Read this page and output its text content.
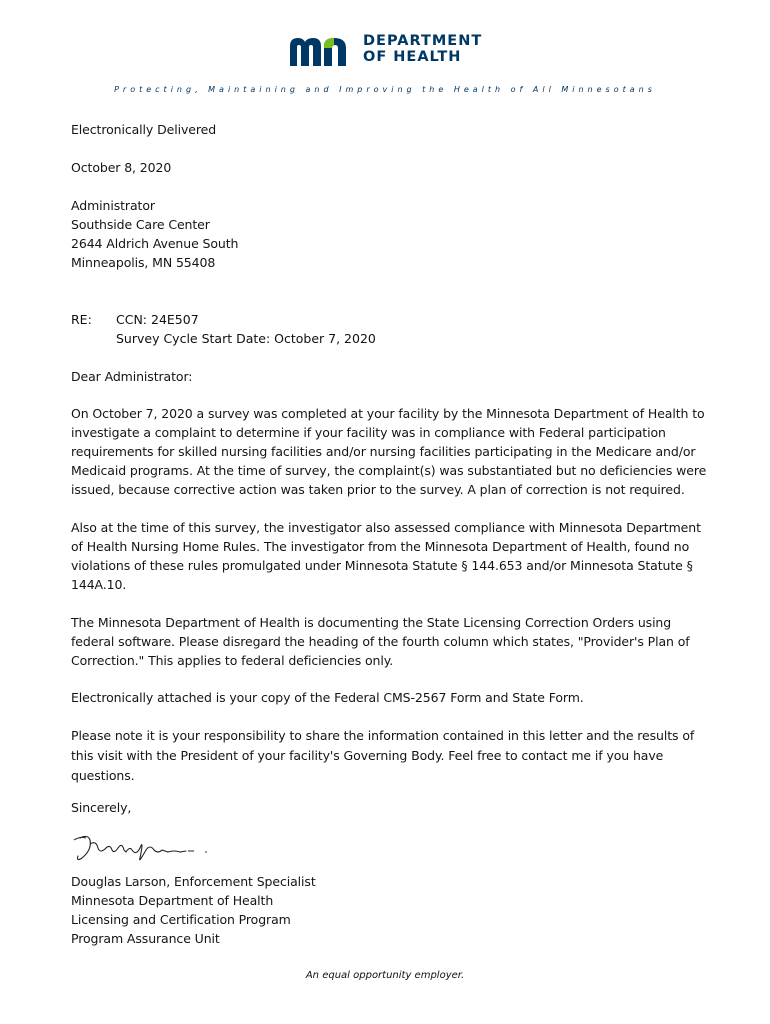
DEPARTMENT
OF HEALTH
Protecting, Maintaining and Improving the Health of All Minnesotans
Electronically Delivered
October 8, 2020
Administrator
Southside Care Center
2644 Aldrich Avenue South
Minneapolis, MN 55408
RE: CCN: 24E507
Survey Cycle Start Date: October 7, 2020
Dear Administrator:
On October 7, 2020 a survey was completed at your facility by the Minnesota Department of Health to
investigate a complaint to determine if your facility was in compliance with Federal participation
requirements for skilled nursing facilities and/or nursing facilities participating in the Medicare and/or
Medicaid programs. At the time of survey, the complaint(s) was substantiated but no deficiencies were
issued, because corrective action was taken prior to the survey. A plan of correction is not required.
Also at the time of this survey, the investigator also assessed compliance with Minnesota Department
of Health Nursing Home Rules. The investigator from the Minnesota Department of Health, found no
violations of these rules promulgated under Minnesota Statute § 144.653 and/or Minnesota Statute §
144A.10.
The Minnesota Department of Health is documenting the State Licensing Correction Orders using
federal software. Please disregard the heading of the fourth column which states, "Provider's Plan of
Correction." This applies to federal deficiencies only.
Electronically attached is your copy of the Federal CMS-2567 Form and State Form.
Please note it is your responsibility to share the information contained in this letter and the results of
this visit with the President of your facility's Governing Body. Feel free to contact me if you have
questions.
Sincerely,
Douglas Larson, Enforcement Specialist
Minnesota Department of Health
Licensing and Certification Program
Program Assurance Unit
An equal opportunity employer.
